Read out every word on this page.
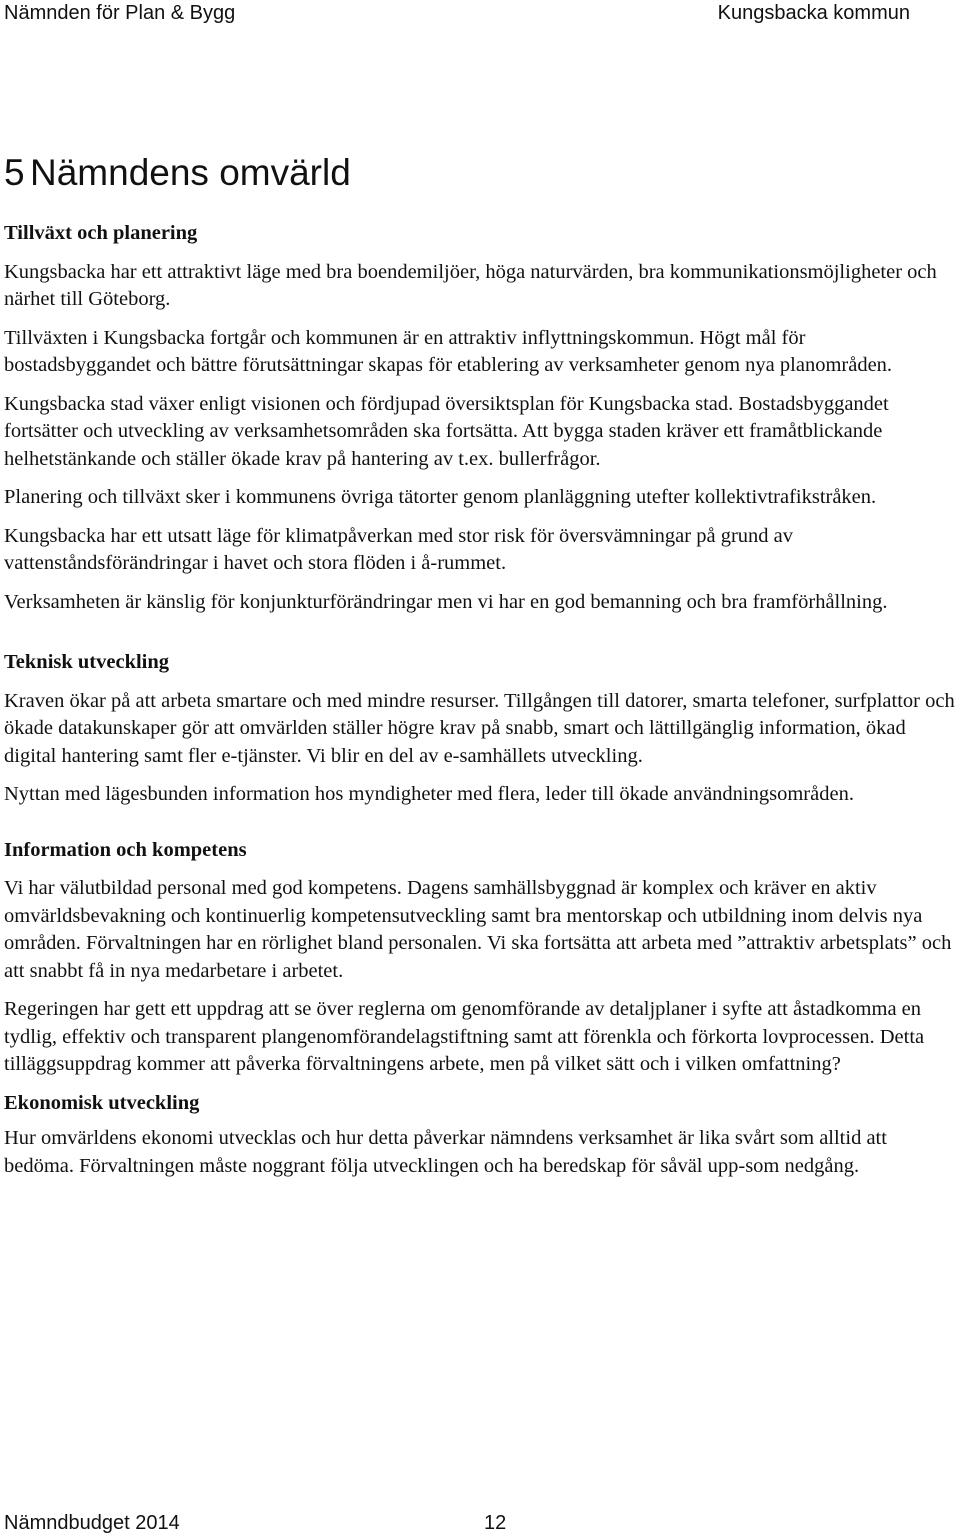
Nämnden för Plan & Bygg	Kungsbacka kommun
5 Nämndens omvärld
Tillväxt och planering

Kungsbacka har ett attraktivt läge med bra boendemiljöer, höga naturvärden, bra kommunikationsmöjligheter och närhet till Göteborg.

Tillväxten i Kungsbacka fortgår och kommunen är en attraktiv inflyttningskommun. Högt mål för bostadsbyggandet och bättre förutsättningar skapas för etablering av verksamheter genom nya planområden.

Kungsbacka stad växer enligt visionen och fördjupad översiktsplan för Kungsbacka stad. Bostadsbyggandet fortsätter och utveckling av verksamhetsområden ska fortsätta. Att bygga staden kräver ett framåtblickande helhetstänkande och ställer ökade krav på hantering av t.ex. bullerfrågor.

Planering och tillväxt sker i kommunens övriga tätorter genom planläggning utefter kollektivtrafikstråken.

Kungsbacka har ett utsatt läge för klimatpåverkan med stor risk för översvämningar på grund av vattenståndsförändringar i havet och stora flöden i å-rummet.

Verksamheten är känslig för konjunkturförändringar men vi har en god bemanning och bra framförhållning.

Teknisk utveckling

Kraven ökar på att arbeta smartare och med mindre resurser. Tillgången till datorer, smarta telefoner, surfplattor och ökade datakunskaper gör att omvärlden ställer högre krav på snabb, smart och lättillgänglig information, ökad digital hantering samt fler e-tjänster. Vi blir en del av e-samhällets utveckling.

Nyttan med lägesbunden information hos myndigheter med flera, leder till ökade användningsområden.

Information och kompetens

Vi har välutbildad personal med god kompetens. Dagens samhällsbyggnad är komplex och kräver en aktiv omvärldsbevakning och kontinuerlig kompetensutveckling samt bra mentorskap och utbildning inom delvis nya områden. Förvaltningen har en rörlighet bland personalen. Vi ska fortsätta att arbeta med ”attraktiv arbetsplats” och att snabbt få in nya medarbetare i arbetet.

Regeringen har gett ett uppdrag att se över reglerna om genomförande av detaljplaner i syfte att åstadkomma en tydlig, effektiv och transparent plangenomförandelagstiftning samt att förenkla och förkorta lovprocessen. Detta tilläggsuppdrag kommer att påverka förvaltningens arbete, men på vilket sätt och i vilken omfattning?

Ekonomisk utveckling

Hur omvärldens ekonomi utvecklas och hur detta påverkar nämndens verksamhet är lika svårt som alltid att bedöma. Förvaltningen måste noggrant följa utvecklingen och ha beredskap för såväl upp-som nedgång.

Nämndbudget 2014	12
